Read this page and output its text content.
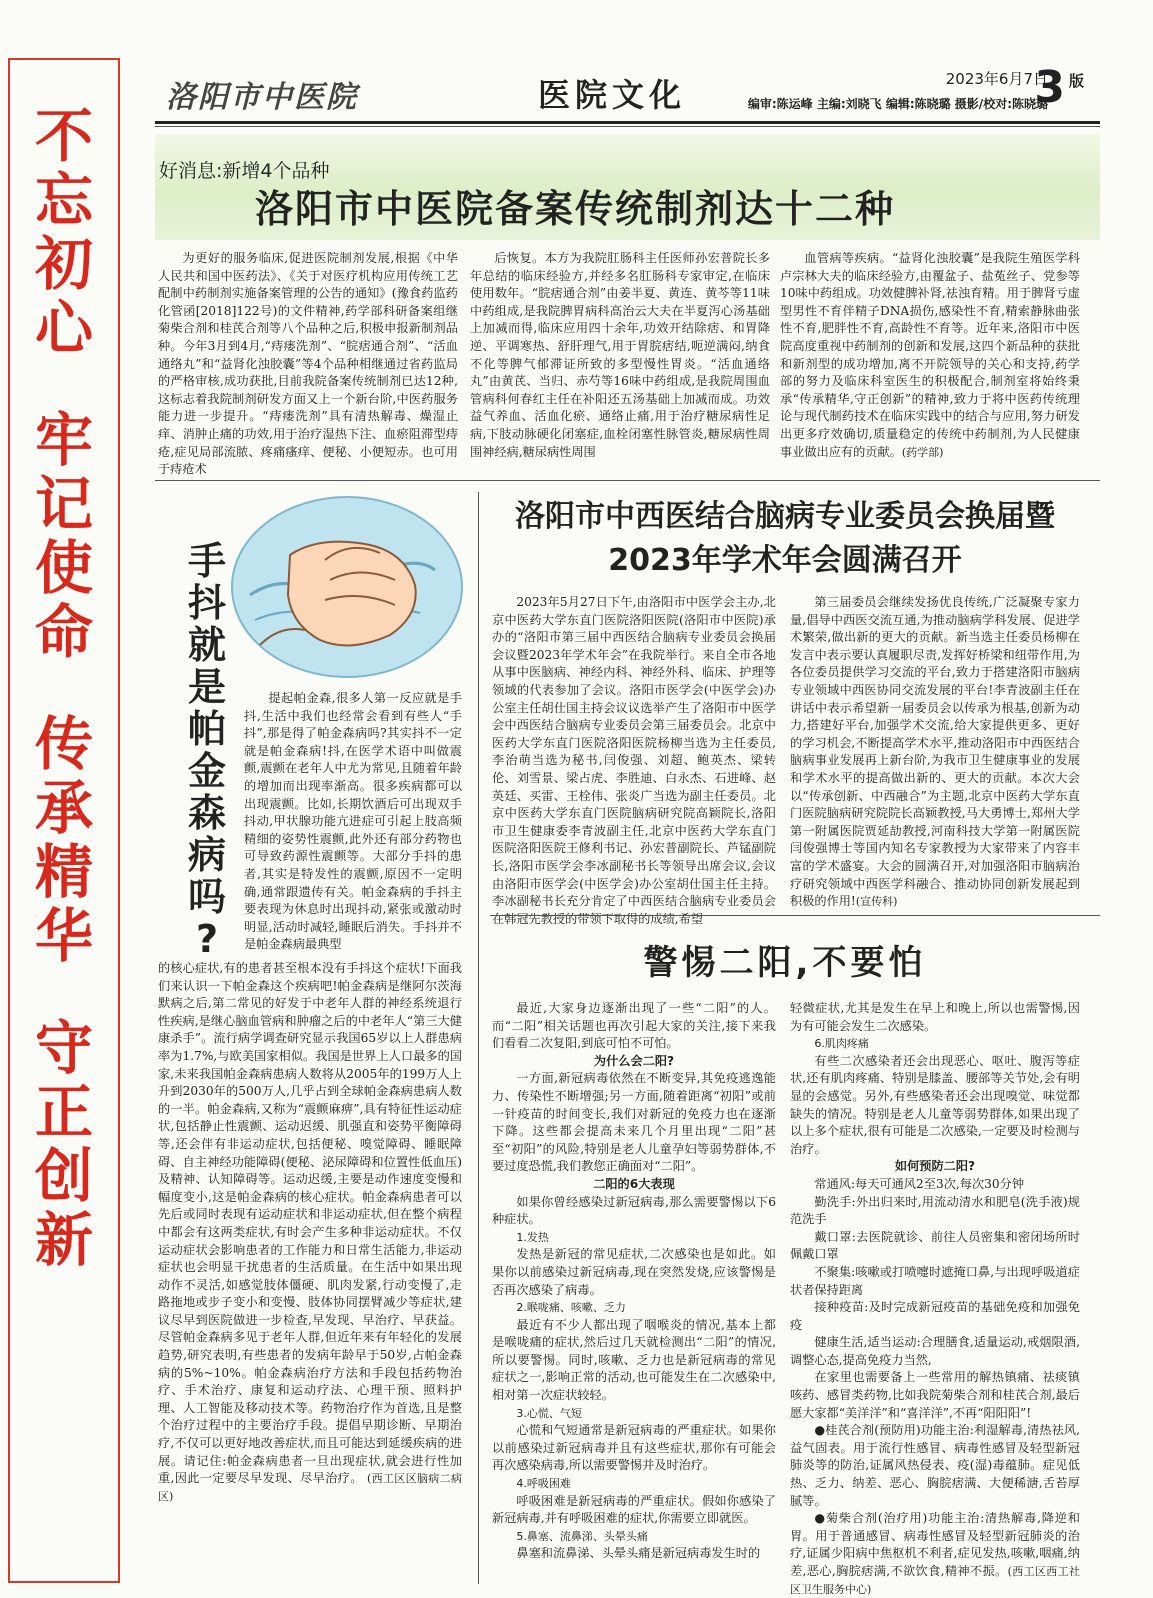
不
忘
初
心
牢
记
使
命
传
承
精
华
守
正
创
新
洛阳市中医院	医院文化	2023年6月7日
编审:陈运峰 主编:刘晓飞 编辑:陈晓璐 摄影/校对:陈晓璐
3 $^版$
好消息:新增4个品种
洛阳市中医院备案传统制剂达十二种

为更好的服务临床,促进医院制剂发展,根据《中华人民共和国中医药法》、《关于对医疗机构应用传统工艺配制中药制剂实施备案管理的公告的通知》(豫食药监药化管函[2018]122号)的文件精神,药学部科研备案组继菊柴合剂和桂芪合剂等八个品种之后,积极申报新制剂品种。今年3月到4月,“痔瘘洗剂”、“脘痞通合剂”、“活血通络丸”和“益肾化浊胶囊”等4个品种相继通过省药监局的严格审核,成功获批,目前我院备案传统制剂已达12种,这标志着我院制剂研发方面又上一个新台阶,中医药服务能力进一步提升。“痔瘘洗剂”具有清热解毒、燥湿止痒、消肿止痛的功效,用于治疗湿热下注、血瘀阻滞型痔疮,症见局部流脓、疼痛瘙痒、便秘、小便短赤。也可用于痔疮术

后恢复。本方为我院肛肠科主任医师孙宏普院长多年总结的临床经验方,并经多名肛肠科专家审定,在临床使用数年。“脘痞通合剂”由姜半夏、黄连、黄芩等11味中药组成,是我院脾胃病科高治云大夫在半夏泻心汤基础上加减而得,临床应用四十余年,功效开结除痞、和胃降逆、平调寒热、舒肝理气,用于胃脘痞结,呃逆满闷,纳食不化等脾气郁滞证所致的多型慢性胃炎。“活血通络丸”由黄芪、当归、赤芍等16味中药组成,是我院周围血管病科何春红主任在补阳还五汤基础上加减而成。功效益气养血、活血化瘀、通络止痛,用于治疗糖尿病性足病,下肢动脉硬化闭塞症,血栓闭塞性脉管炎,糖尿病性周围神经病,糖尿病性周围

血管病等疾病。“益肾化浊胶囊”是我院生殖医学科卢宗林大夫的临床经验方,由覆盆子、盐菟丝子、党参等10味中药组成。功效健脾补肾,祛浊育精。用于脾肾亏虚型男性不育伴精子DNA损伤,感染性不育,精索静脉曲张性不育,肥胖性不育,高龄性不育等。近年来,洛阳市中医院高度重视中药制剂的创新和发展,这四个新品种的获批和新剂型的成功增加,离不开院领导的关心和支持,药学部的努力及临床科室医生的积极配合,制剂室将始终秉承“传承精华,守正创新”的精神,致力于将中医药传统理论与现代制药技术在临床实践中的结合与应用,努力研发出更多疗效确切,质量稳定的传统中药制剂,为人民健康事业做出应有的贡献。(药学部)

手
抖
就
是
帕
金
森
病
吗
?

提起帕金森,很多人第一反应就是手抖,生活中我们也经常会看到有些人“手抖”,那是得了帕金森病吗?其实抖不一定就是帕金森病!抖,在医学术语中叫做震颤,震颤在老年人中尤为常见,且随着年龄的增加而出现率渐高。很多疾病都可以出现震颤。比如,长期饮酒后可出现双手抖动,甲状腺功能亢进症可引起上肢高频精细的姿势性震颤,此外还有部分药物也可导致药源性震颤等。大部分手抖的患者,其实是特发性的震颤,原因不一定明确,通常跟遗传有关。帕金森病的手抖主要表现为休息时出现抖动,紧张或激动时明显,活动时减轻,睡眠后消失。手抖并不是帕金森病最典型

的核心症状,有的患者甚至根本没有手抖这个症状!下面我们来认识一下帕金森这个疾病吧!帕金森病是继阿尔茨海默病之后,第二常见的好发于中老年人群的神经系统退行性疾病,是继心脑血管病和肿瘤之后的中老年人“第三大健康杀手”。流行病学调查研究显示我国65岁以上人群患病率为1.7%,与欧美国家相似。我国是世界上人口最多的国家,未来我国帕金森病患病人数将从2005年的199万人上升到2030年的500万人,几乎占到全球帕金森病患病人数的一半。帕金森病,又称为“震颤麻痹”,具有特征性运动症状,包括静止性震颤、运动迟缓、肌强直和姿势平衡障碍等,还会伴有非运动症状,包括便秘、嗅觉障碍、睡眠障碍、自主神经功能障碍(便秘、泌尿障碍和位置性低血压)及精神、认知障碍等。运动迟缓,主要是动作速度变慢和幅度变小,这是帕金森病的核心症状。帕金森病患者可以先后或同时表现有运动症状和非运动症状,但在整个病程中都会有这两类症状,有时会产生多种非运动症状。不仅运动症状会影响患者的工作能力和日常生活能力,非运动症状也会明显干扰患者的生活质量。在生活中如果出现动作不灵活,如感觉肢体僵硬、肌肉发紧,行动变慢了,走路拖地或步子变小和变慢、肢体协同摆臂减少等症状,建议尽早到医院做进一步检查,早发现、早治疗、早获益。尽管帕金森病多见于老年人群,但近年来有年轻化的发展趋势,研究表明,有些患者的发病年龄早于50岁,占帕金森病的5%~10%。帕金森病治疗方法和手段包括药物治疗、手术治疗、康复和运动疗法、心理干预、照料护理、人工智能及移动技术等。药物治疗作为首选,且是整个治疗过程中的主要治疗手段。提倡早期诊断、早期治疗,不仅可以更好地改善症状,而且可能达到延缓疾病的进展。请记住:帕金森病患者一旦出现症状,就会进行性加重,因此一定要尽早发现、尽早治疗。 (西工区区脑病二病区)

洛阳市中西医结合脑病专业委员会换届暨
2023年学术年会圆满召开

2023年5月27日下午,由洛阳市中医学会主办,北京中医药大学东直门医院洛阳医院(洛阳市中医院)承办的“洛阳市第三届中西医结合脑病专业委员会换届会议暨2023年学术年会”在我院举行。来自全市各地从事中医脑病、神经内科、神经外科、临床、护理等领域的代表参加了会议。洛阳市医学会(中医学会)办公室主任胡仕国主持会议议选举产生了洛阳市中医学会中西医结合脑病专业委员会第三届委员会。北京中医药大学东直门医院洛阳医院杨柳当选为主任委员,李治萌当选为秘书,闫俊强、刘超、鲍英杰、梁转伦、刘雪景、梁占虎、李胜迪、白永杰、石进峰、赵英廷、买雷、王栓伟、张炎广当选为副主任委员。北京中医药大学东直门医院脑病研究院高颖院长,洛阳市卫生健康委李青波副主任,北京中医药大学东直门医院洛阳医院王修利书记、孙宏普副院长、芦锰副院长,洛阳市医学会李冰副秘书长等领导出席会议,会议由洛阳市医学会(中医学会)办公室胡仕国主任主持。李冰副秘书长充分肯定了中西医结合脑病专业委员会在韩冠先教授的带领下取得的成绩,希望

第三届委员会继续发扬优良传统,广泛凝聚专家力量,倡导中西医交流互通,为推动脑病学科发展、促进学术繁荣,做出新的更大的贡献。新当选主任委员杨柳在发言中表示要认真履职尽责,发挥好桥梁和纽带作用,为各位委员提供学习交流的平台,致力于搭建洛阳市脑病专业领域中西医协同交流发展的平台!李青波副主任在讲话中表示希望新一届委员会以传承为根基,创新为动力,搭建好平台,加强学术交流,给大家提供更多、更好的学习机会,不断提高学术水平,推动洛阳市中西医结合脑病事业发展再上新台阶,为我市卫生健康事业的发展和学术水平的提高做出新的、更大的贡献。本次大会以“传承创新、中西融合”为主题,北京中医药大学东直门医院脑病研究院院长高颖教授,马大勇博士,郑州大学第一附属医院贾延劼教授,河南科技大学第一附属医院闫俊强博士等国内知名专家教授为大家带来了内容丰富的学术盛宴。大会的圆满召开,对加强洛阳市脑病治疗研究领域中西医学科融合、推动协同创新发展起到积极的作用!(宣传科)

警惕二阳,不要怕

最近,大家身边逐渐出现了一些“二阳”的人。而“二阳”相关话题也再次引起大家的关注,接下来我们看看二次复阳,到底可怕不可怕。

为什么会二阳?

一方面,新冠病毒依然在不断变异,其免疫逃逸能力、传染性不断增强;另一方面,随着距离“初阳”或前一针疫苗的时间变长,我们对新冠的免疫力也在逐渐下降。这些都会提高未来几个月里出现“二阳”甚至“初阳”的风险,特别是老人儿童孕妇等弱势群体,不要过度恐慌,我们教您正确面对“二阳”。

二阳的6大表现

如果你曾经感染过新冠病毒,那么需要警惕以下6种症状。

1.发热

发热是新冠的常见症状,二次感染也是如此。如果你以前感染过新冠病毒,现在突然发烧,应该警惕是否再次感染了病毒。

2.喉咙痛、咳嗽、乏力

最近有不少人都出现了咽喉炎的情况,基本上都是喉咙痛的症状,然后过几天就检测出“二阳”的情况,所以要警惕。同时,咳嗽、乏力也是新冠病毒的常见症状之一,影响正常的活动,也可能发生在二次感染中,相对第一次症状较轻。

3.心慌、气短

心慌和气短通常是新冠病毒的严重症状。如果你以前感染过新冠病毒并且有这些症状,那你有可能会再次感染病毒,所以需要警惕并及时治疗。

4.呼吸困难

呼吸困难是新冠病毒的严重症状。假如你感染了新冠病毒,并有呼吸困难的症状,你需要立即就医。

5.鼻塞、流鼻涕、头晕头痛

鼻塞和流鼻涕、头晕头痛是新冠病毒发生时的

轻微症状,尤其是发生在早上和晚上,所以也需警惕,因为有可能会发生二次感染。

6.肌肉疼痛

有些二次感染者还会出现恶心、呕吐、腹泻等症状,还有肌肉疼痛、特别是膝盖、腰部等关节处,会有明显的会感觉。另外,有些感染者还会出现嗅觉、味觉都缺失的情况。特别是老人儿童等弱势群体,如果出现了以上多个症状,很有可能是二次感染,一定要及时检测与治疗。

如何预防二阳?

常通风:每天可通风2至3次,每次30分钟

勤洗手:外出归来时,用流动清水和肥皂(洗手液)规范洗手

戴口罩:去医院就诊、前往人员密集和密闭场所时佩戴口罩

不聚集:咳嗽或打喷嚏时遮掩口鼻,与出现呼吸道症状者保持距离

接种疫苗:及时完成新冠疫苗的基础免疫和加强免疫

健康生活,适当运动:合理膳食,适量运动,戒烟限酒,调整心态,提高免疫力当然,

在家里也需要备上一些常用的解热镇痛、祛痰镇咳药、感冒类药物,比如我院菊柴合剂和桂芪合剂,最后愿大家都“美洋洋”和“喜洋洋”,不再“阳阳阳”!

●桂芪合剂(预防用)功能主治:利湿解毒,清热祛风,益气固表。用于流行性感冒、病毒性感冒及轻型新冠肺炎等的防治,证属风热侵表、疫(湿)毒蕴肺。症见低热、乏力、纳差、恶心、胸脘痞满、大便稀溏,舌苔厚腻等。

●菊柴合剂(治疗用)功能主治:清热解毒,降逆和胃。用于普通感冒、病毒性感冒及轻型新冠肺炎的治疗,证属少阳病中焦枢机不利者,症见发热,咳嗽,咽痛,纳差,恶心,胸脘痞满,不欲饮食,精神不振。(西工区西工社区卫生服务中心)
